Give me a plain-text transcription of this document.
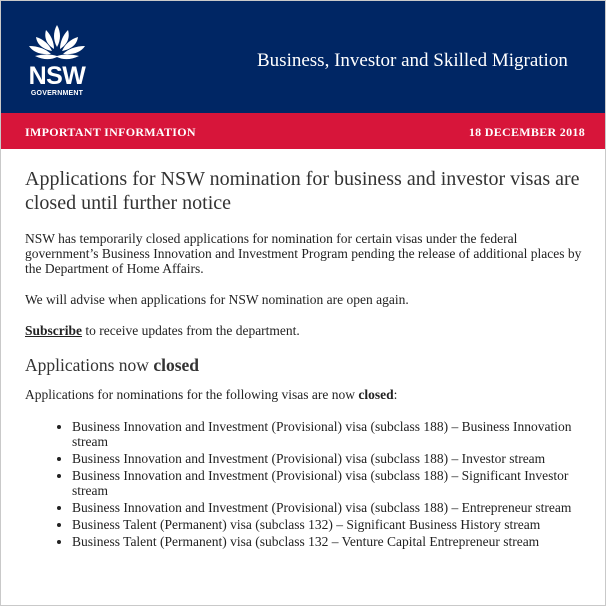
NSW
GOVERNMENT
Business, Investor and Skilled Migration
IMPORTANT INFORMATION	18 DECEMBER 2018
Applications for NSW nomination for business and investor visas are closed until further notice

NSW has temporarily closed applications for nomination for certain visas under the federal government’s Business Innovation and Investment Program pending the release of additional places by the Department of Home Affairs.

We will advise when applications for NSW nomination are open again.

Subscribe to receive updates from the department.

Applications now closed

Applications for nominations for the following visas are now closed:

• Business Innovation and Investment (Provisional) visa (subclass 188) – Business Innovation stream
• Business Innovation and Investment (Provisional) visa (subclass 188) – Investor stream
• Business Innovation and Investment (Provisional) visa (subclass 188) – Significant Investor stream
• Business Innovation and Investment (Provisional) visa (subclass 188) – Entrepreneur stream
• Business Talent (Permanent) visa (subclass 132) – Significant Business History stream
• Business Talent (Permanent) visa (subclass 132 – Venture Capital Entrepreneur stream
